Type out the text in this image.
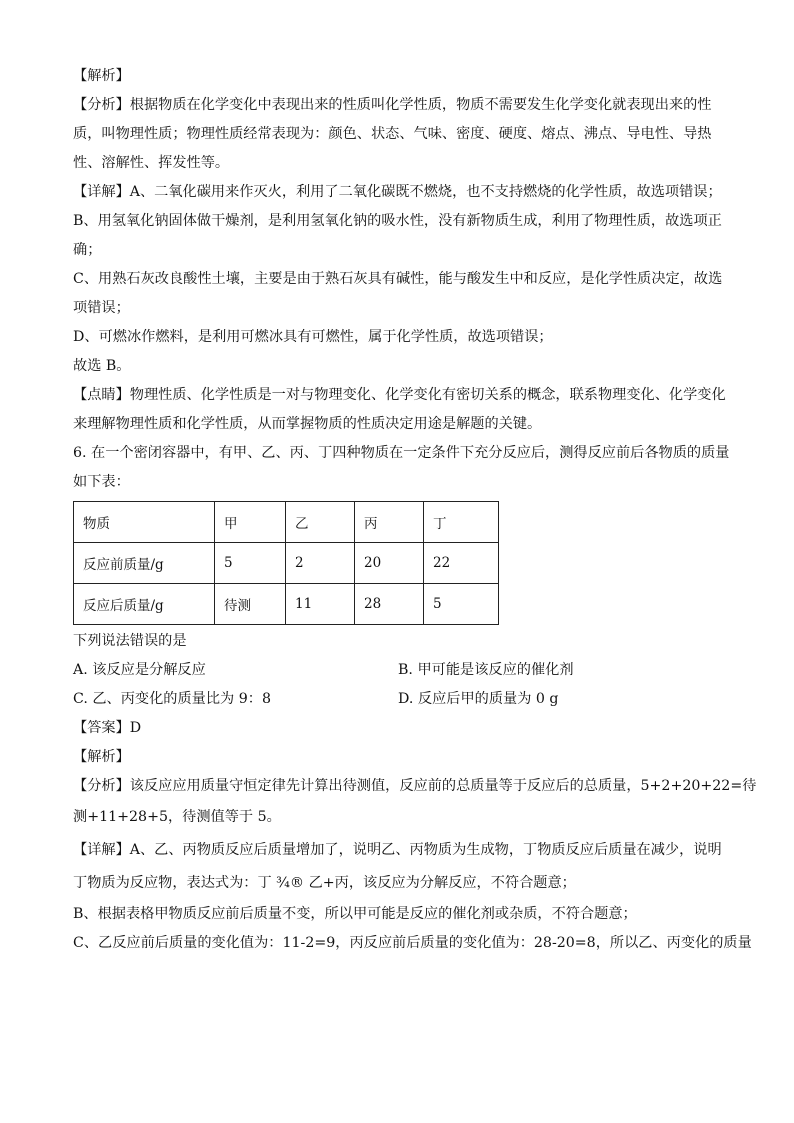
【解析】
【分析】根据物质在化学变化中表现出来的性质叫化学性质，物质不需要发生化学变化就表现出来的性
质，叫物理性质；物理性质经常表现为：颜色、状态、气味、密度、硬度、熔点、沸点、导电性、导热
性、溶解性、挥发性等。
【详解】A、二氧化碳用来作灭火，利用了二氧化碳既不燃烧，也不支持燃烧的化学性质，故选项错误；
B、用氢氧化钠固体做干燥剂，是利用氢氧化钠的吸水性，没有新物质生成，利用了物理性质，故选项正
确；
C、用熟石灰改良酸性土壤，主要是由于熟石灰具有碱性，能与酸发生中和反应，是化学性质决定，故选
项错误；
D、可燃冰作燃料，是利用可燃冰具有可燃性，属于化学性质，故选项错误；
故选 B。
【点睛】物理性质、化学性质是一对与物理变化、化学变化有密切关系的概念，联系物理变化、化学变化
来理解物理性质和化学性质，从而掌握物质的性质决定用途是解题的关键。
6. 在一个密闭容器中，有甲、乙、丙、丁四种物质在一定条件下充分反应后，测得反应前后各物质的质量
如下表：
物质	甲	乙	丙	丁
反应前质量/g	5	2	20	22
反应后质量/g	待测	11	28	5
下列说法错误的是
A. 该反应是分解反应	B. 甲可能是该反应的催化剂
C. 乙、丙变化的质量比为 9：8	D. 反应后甲的质量为 0 g
【答案】D
【解析】
【分析】该反应应用质量守恒定律先计算出待测值，反应前的总质量等于反应后的总质量，5+2+20+22=待
测+11+28+5，待测值等于 5。
【详解】A、乙、丙物质反应后质量增加了，说明乙、丙物质为生成物，丁物质反应后质量在减少，说明
丁物质为反应物，表达式为：丁 ¾® 乙+丙，该反应为分解反应，不符合题意；
B、根据表格甲物质反应前后质量不变，所以甲可能是反应的催化剂或杂质，不符合题意；
C、乙反应前后质量的变化值为：11-2=9，丙反应前后质量的变化值为：28-20=8，所以乙、丙变化的质量
